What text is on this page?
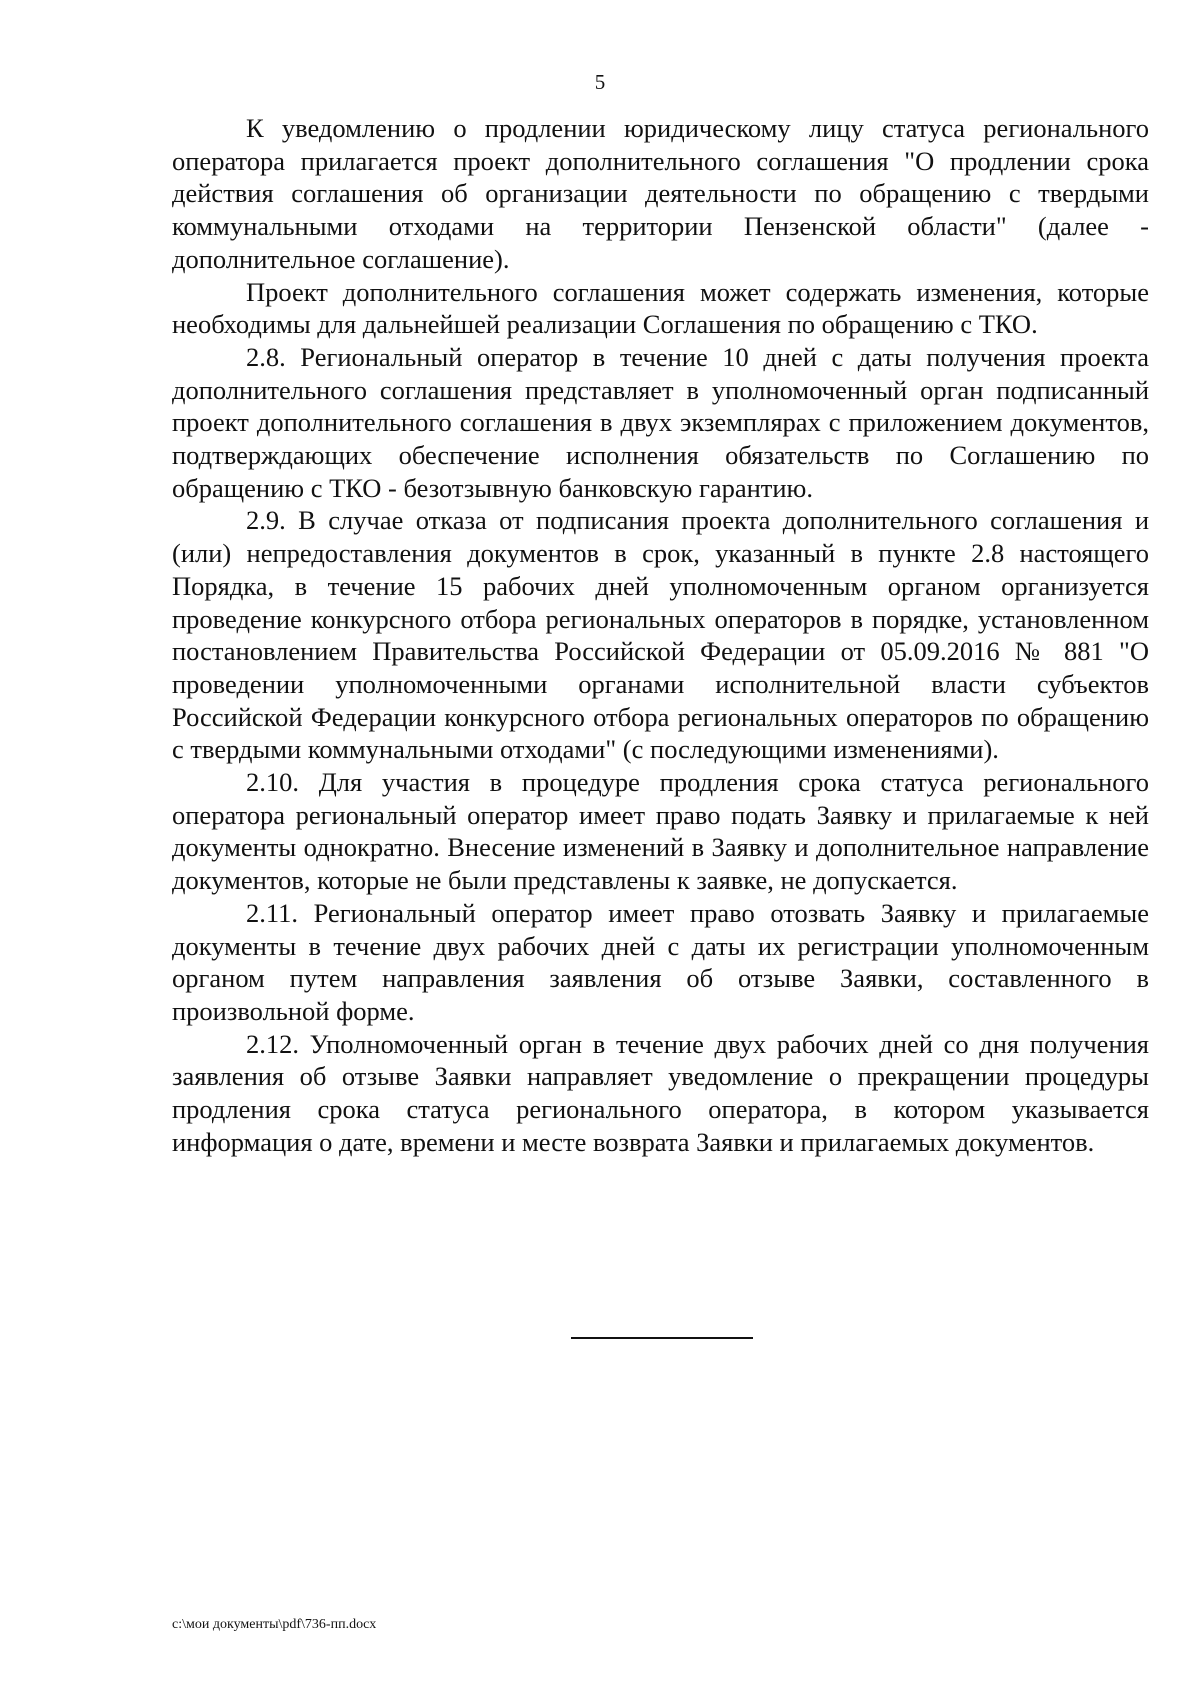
5

К уведомлению о продлении юридическому лицу статуса регионального оператора прилагается проект дополнительного соглашения "О продлении срока действия соглашения об организации деятельности по обращению с твердыми коммунальными отходами на территории Пензенской области" (далее - дополнительное соглашение).

Проект дополнительного соглашения может содержать изменения, которые необходимы для дальнейшей реализации Соглашения по обращению с ТКО.

2.8. Региональный оператор в течение 10 дней с даты получения проекта дополнительного соглашения представляет в уполномоченный орган подписанный проект дополнительного соглашения в двух экземплярах с приложением документов, подтверждающих обеспечение исполнения обязательств по Соглашению по обращению с ТКО - безотзывную банковскую гарантию.

2.9. В случае отказа от подписания проекта дополнительного соглашения и (или) непредоставления документов в срок, указанный в пункте 2.8 настоящего Порядка, в течение 15 рабочих дней уполномоченным органом организуется проведение конкурсного отбора региональных операторов в порядке, установленном постановлением Правительства Российской Федерации от 05.09.2016 № 881 "О проведении уполномоченными органами исполнительной власти субъектов Российской Федерации конкурсного отбора региональных операторов по обращению с твердыми коммунальными отходами" (с последующими изменениями).

2.10. Для участия в процедуре продления срока статуса регионального оператора региональный оператор имеет право подать Заявку и прилагаемые к ней документы однократно. Внесение изменений в Заявку и дополнительное направление документов, которые не были представлены к заявке, не допускается.

2.11. Региональный оператор имеет право отозвать Заявку и прилагаемые документы в течение двух рабочих дней с даты их регистрации уполномоченным органом путем направления заявления об отзыве Заявки, составленного в произвольной форме.

2.12. Уполномоченный орган в течение двух рабочих дней со дня получения заявления об отзыве Заявки направляет уведомление о прекращении процедуры продления срока статуса регионального оператора, в котором указывается информация о дате, времени и месте возврата Заявки и прилагаемых документов.

c:\мои документы\pdf\736-пп.docx
